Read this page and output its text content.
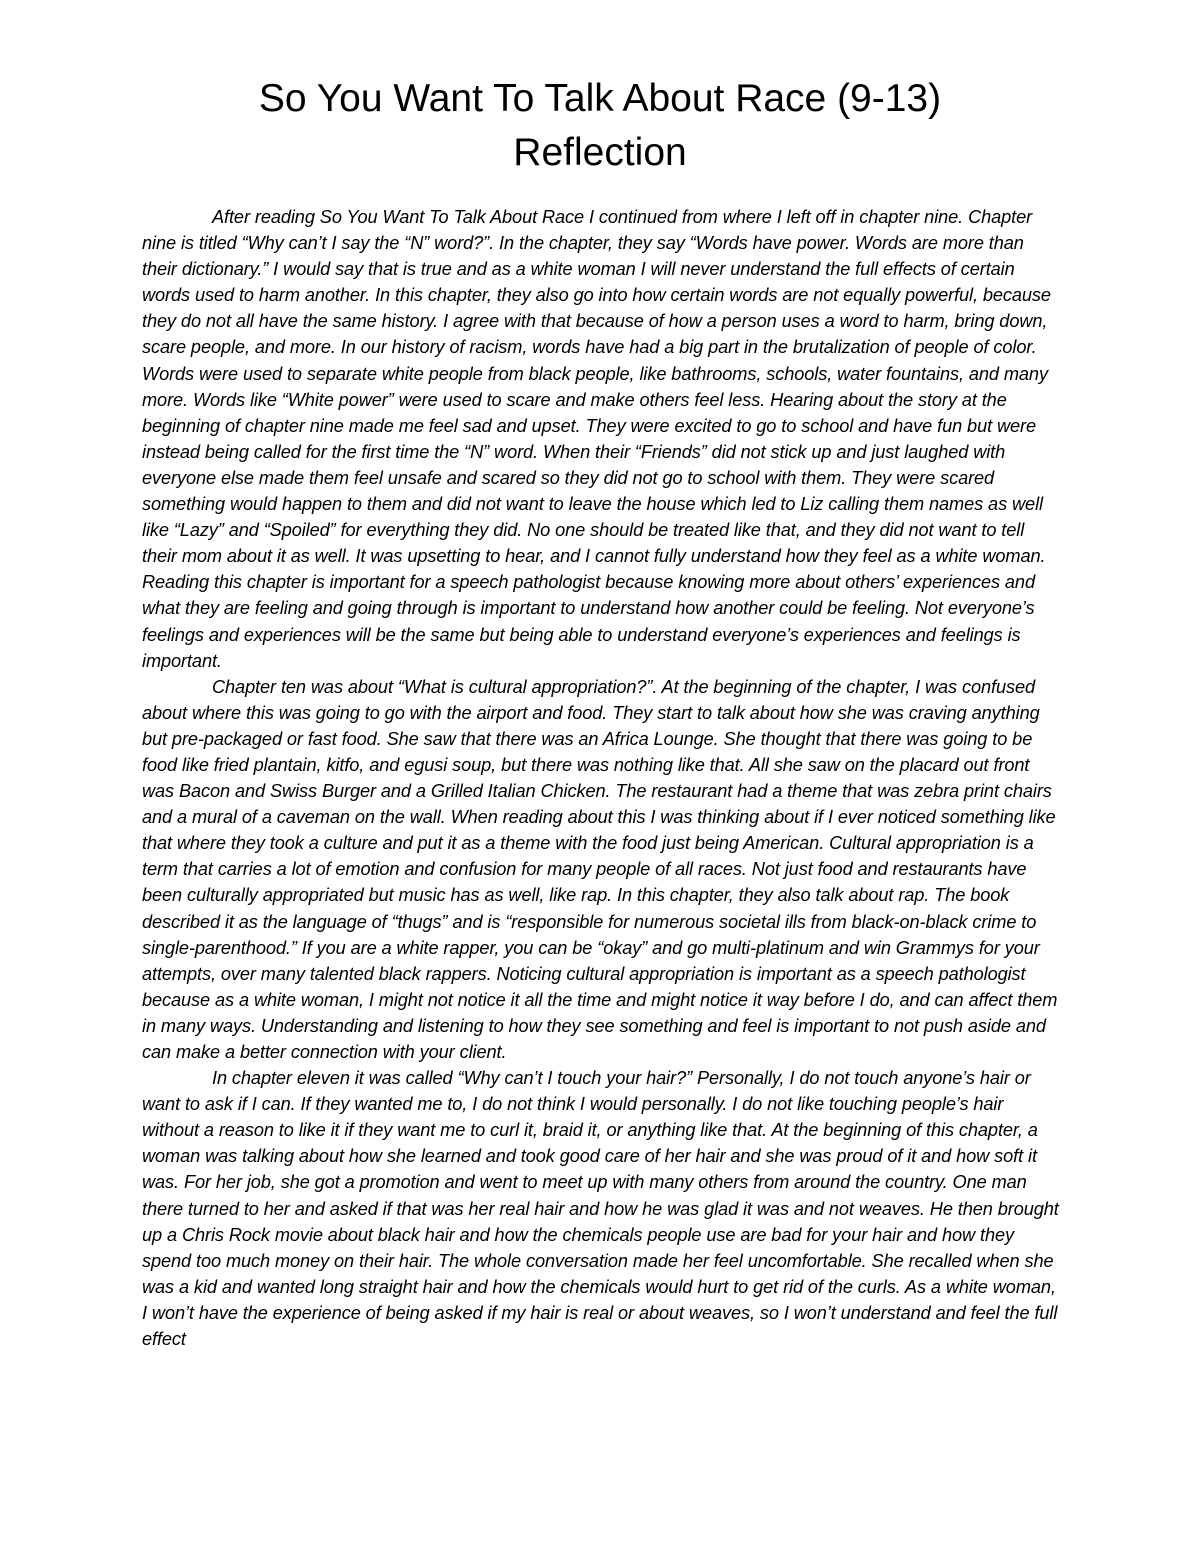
So You Want To Talk About Race (9-13)
Reflection

After reading So You Want To Talk About Race I continued from where I left off in chapter nine. Chapter nine is titled “Why can’t I say the “N” word?”. In the chapter, they say “Words have power. Words are more than their dictionary.” I would say that is true and as a white woman I will never understand the full effects of certain words used to harm another. In this chapter, they also go into how certain words are not equally powerful, because they do not all have the same history. I agree with that because of how a person uses a word to harm, bring down, scare people, and more. In our history of racism, words have had a big part in the brutalization of people of color. Words were used to separate white people from black people, like bathrooms, schools, water fountains, and many more. Words like “White power” were used to scare and make others feel less. Hearing about the story at the beginning of chapter nine made me feel sad and upset. They were excited to go to school and have fun but were instead being called for the first time the “N” word. When their “Friends” did not stick up and just laughed with everyone else made them feel unsafe and scared so they did not go to school with them. They were scared something would happen to them and did not want to leave the house which led to Liz calling them names as well like “Lazy” and “Spoiled” for everything they did. No one should be treated like that, and they did not want to tell their mom about it as well. It was upsetting to hear, and I cannot fully understand how they feel as a white woman. Reading this chapter is important for a speech pathologist because knowing more about others’ experiences and what they are feeling and going through is important to understand how another could be feeling. Not everyone’s feelings and experiences will be the same but being able to understand everyone’s experiences and feelings is important.

Chapter ten was about “What is cultural appropriation?”. At the beginning of the chapter, I was confused about where this was going to go with the airport and food. They start to talk about how she was craving anything but pre-packaged or fast food. She saw that there was an Africa Lounge. She thought that there was going to be food like fried plantain, kitfo, and egusi soup, but there was nothing like that. All she saw on the placard out front was Bacon and Swiss Burger and a Grilled Italian Chicken. The restaurant had a theme that was zebra print chairs and a mural of a caveman on the wall. When reading about this I was thinking about if I ever noticed something like that where they took a culture and put it as a theme with the food just being American. Cultural appropriation is a term that carries a lot of emotion and confusion for many people of all races. Not just food and restaurants have been culturally appropriated but music has as well, like rap. In this chapter, they also talk about rap. The book described it as the language of “thugs” and is “responsible for numerous societal ills from black-on-black crime to single-parenthood.” If you are a white rapper, you can be “okay” and go multi-platinum and win Grammys for your attempts, over many talented black rappers. Noticing cultural appropriation is important as a speech pathologist because as a white woman, I might not notice it all the time and might notice it way before I do, and can affect them in many ways. Understanding and listening to how they see something and feel is important to not push aside and can make a better connection with your client.

In chapter eleven it was called “Why can’t I touch your hair?” Personally, I do not touch anyone’s hair or want to ask if I can. If they wanted me to, I do not think I would personally. I do not like touching people’s hair without a reason to like it if they want me to curl it, braid it, or anything like that. At the beginning of this chapter, a woman was talking about how she learned and took good care of her hair and she was proud of it and how soft it was. For her job, she got a promotion and went to meet up with many others from around the country. One man there turned to her and asked if that was her real hair and how he was glad it was and not weaves. He then brought up a Chris Rock movie about black hair and how the chemicals people use are bad for your hair and how they spend too much money on their hair. The whole conversation made her feel uncomfortable. She recalled when she was a kid and wanted long straight hair and how the chemicals would hurt to get rid of the curls. As a white woman, I won’t have the experience of being asked if my hair is real or about weaves, so I won’t understand and feel the full effect
